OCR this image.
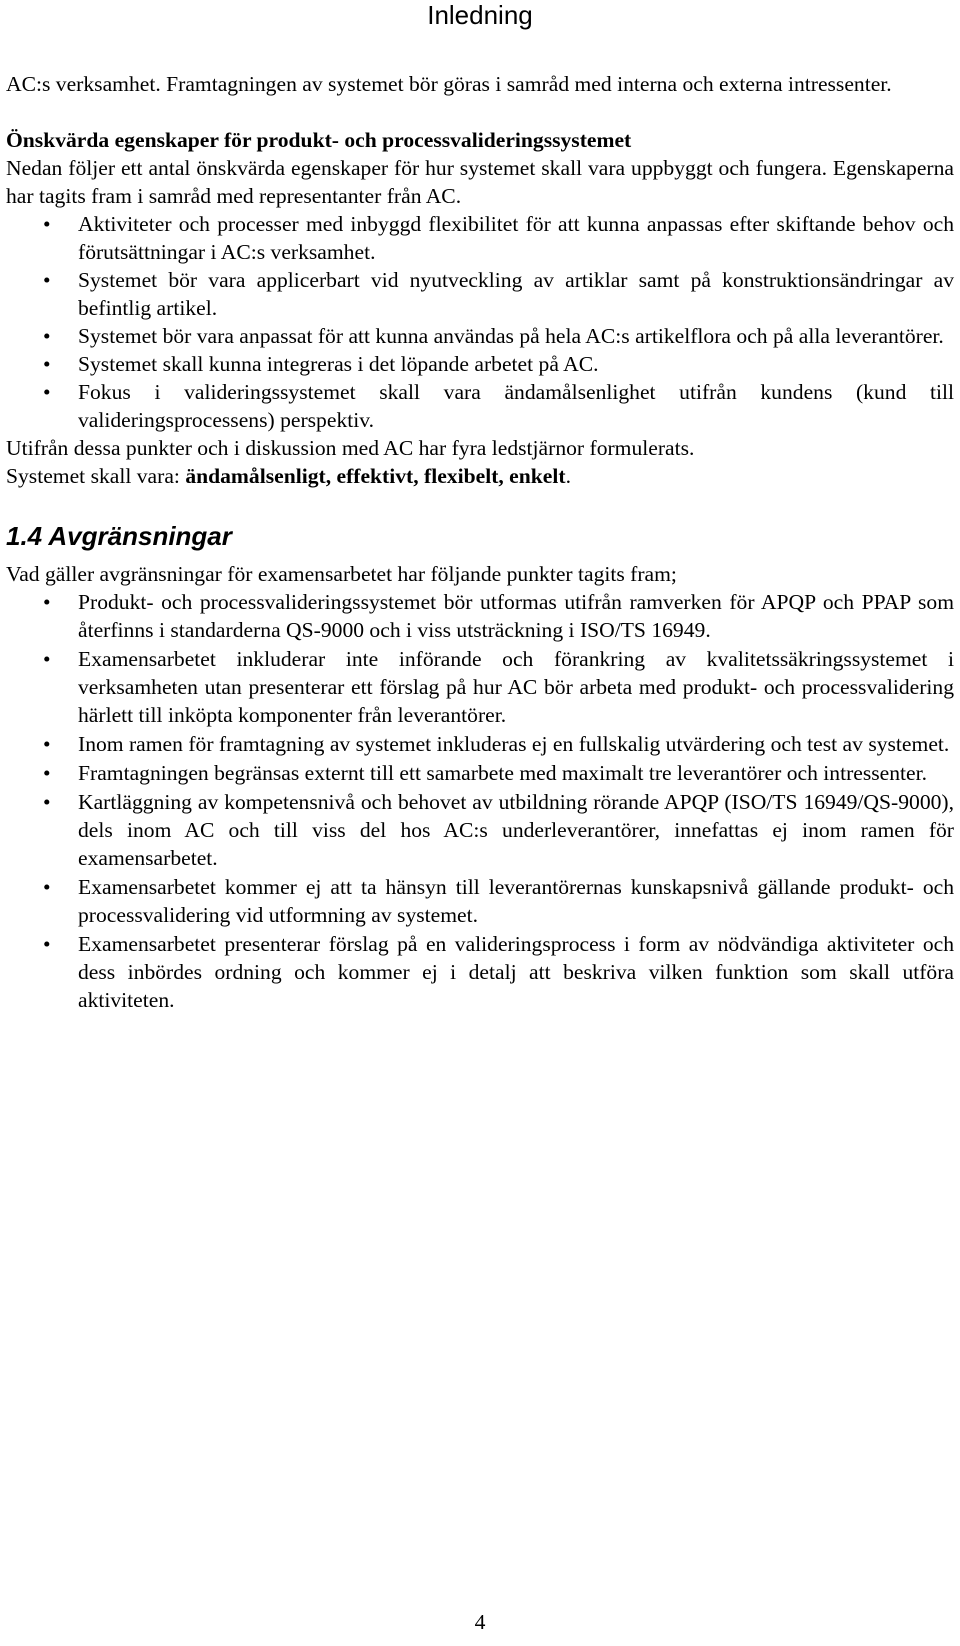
Inledning

AC:s verksamhet. Framtagningen av systemet bör göras i samråd med interna och externa intressenter.

Önskvärda egenskaper för produkt- och processvalideringssystemet

Nedan följer ett antal önskvärda egenskaper för hur systemet skall vara uppbyggt och fungera. Egenskaperna har tagits fram i samråd med representanter från AC.

• Aktiviteter och processer med inbyggd flexibilitet för att kunna anpassas efter skiftande behov och förutsättningar i AC:s verksamhet.
• Systemet bör vara applicerbart vid nyutveckling av artiklar samt på konstruktionsändringar av befintlig artikel.
• Systemet bör vara anpassat för att kunna användas på hela AC:s artikelflora och på alla leverantörer.
• Systemet skall kunna integreras i det löpande arbetet på AC.
• Fokus i valideringssystemet skall vara ändamålsenlighet utifrån kundens (kund till valideringsprocessens) perspektiv.

Utifrån dessa punkter och i diskussion med AC har fyra ledstjärnor formulerats.

Systemet skall vara: ändamålsenligt, effektivt, flexibelt, enkelt.

1.4 Avgränsningar

Vad gäller avgränsningar för examensarbetet har följande punkter tagits fram;

• Produkt- och processvalideringssystemet bör utformas utifrån ramverken för APQP och PPAP som återfinns i standarderna QS-9000 och i viss utsträckning i ISO/TS 16949.
• Examensarbetet inkluderar inte införande och förankring av kvalitetssäkringssystemet i verksamheten utan presenterar ett förslag på hur AC bör arbeta med produkt- och processvalidering härlett till inköpta komponenter från leverantörer.
• Inom ramen för framtagning av systemet inkluderas ej en fullskalig utvärdering och test av systemet.
• Framtagningen begränsas externt till ett samarbete med maximalt tre leverantörer och intressenter.
• Kartläggning av kompetensnivå och behovet av utbildning rörande APQP (ISO/TS 16949/QS-9000), dels inom AC och till viss del hos AC:s underleverantörer, innefattas ej inom ramen för examensarbetet.
• Examensarbetet kommer ej att ta hänsyn till leverantörernas kunskapsnivå gällande produkt- och processvalidering vid utformning av systemet.
• Examensarbetet presenterar förslag på en valideringsprocess i form av nödvändiga aktiviteter och dess inbördes ordning och kommer ej i detalj att beskriva vilken funktion som skall utföra aktiviteten.
4
